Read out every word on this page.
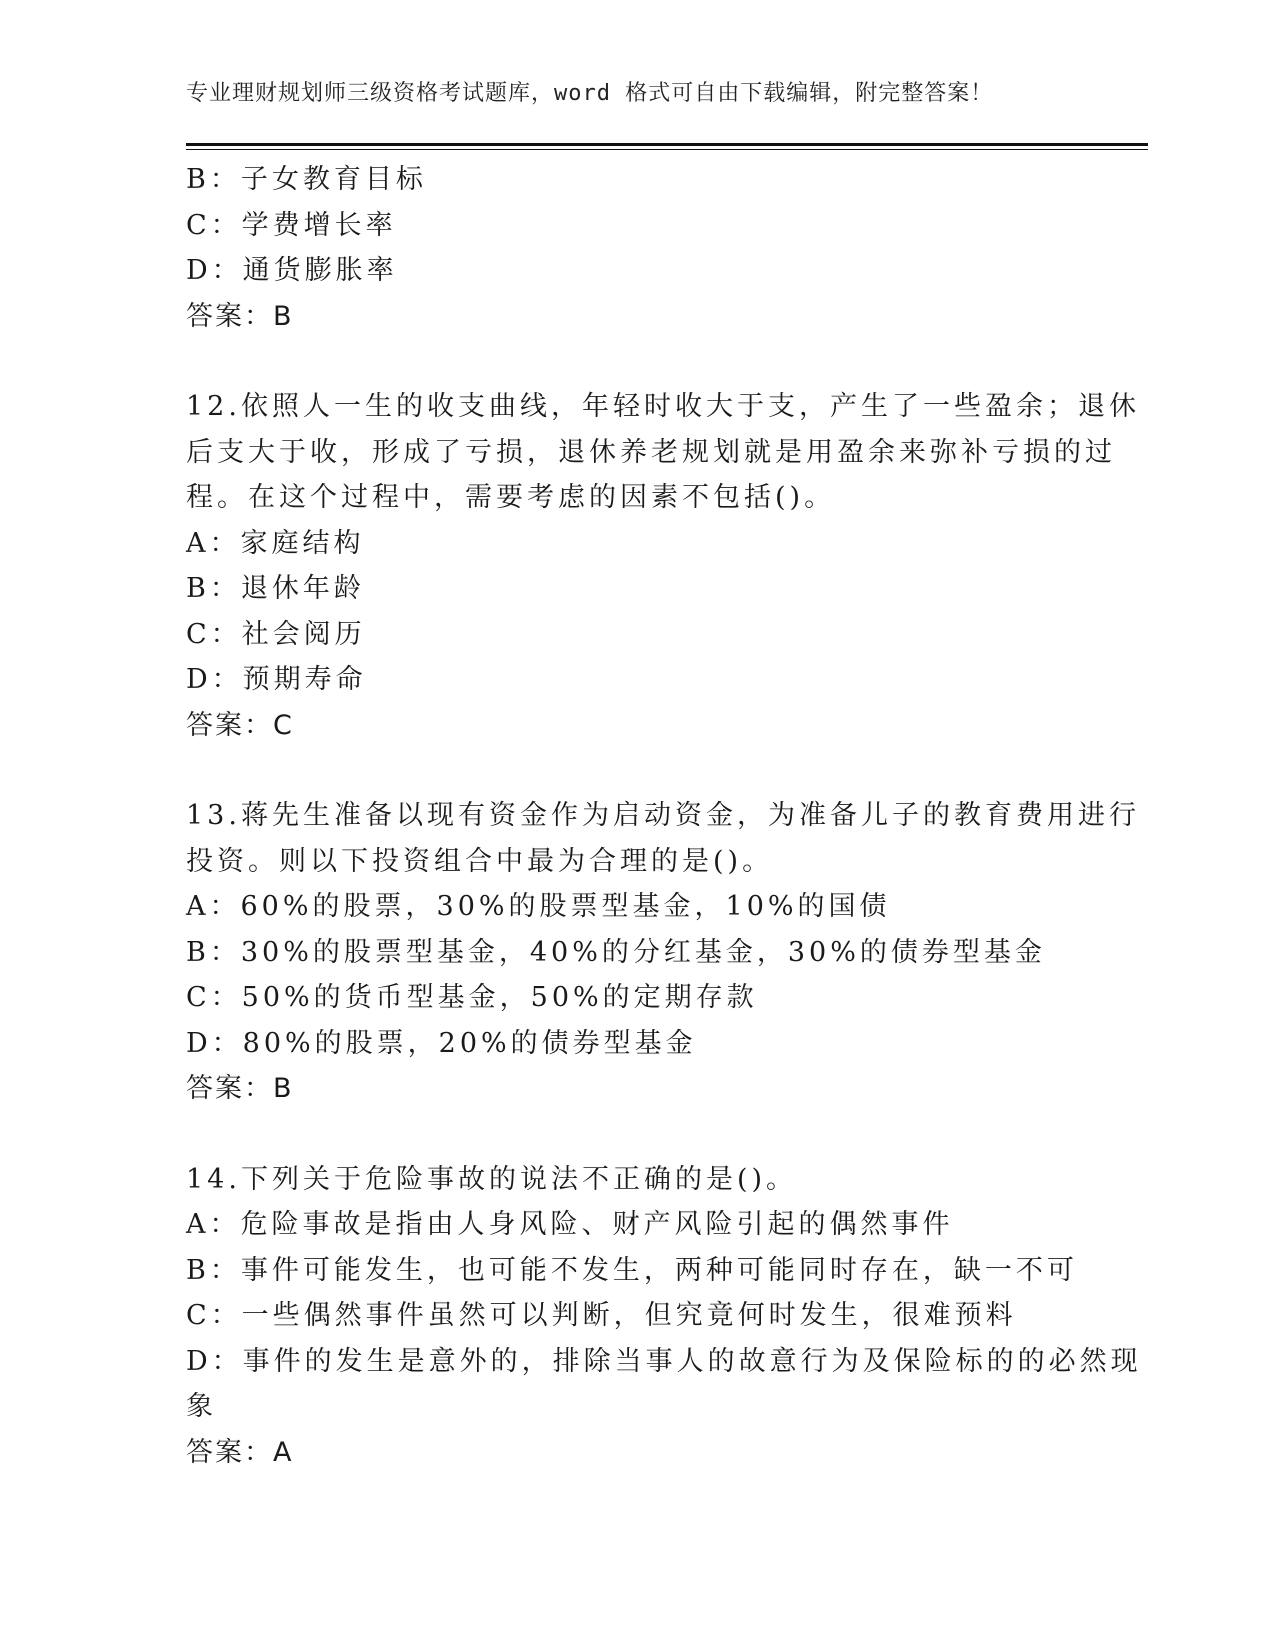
专业理财规划师三级资格考试题库，word 格式可自由下载编辑，附完整答案！
B：子女教育目标
C：学费增长率
D：通货膨胀率
答案：B
12.依照人一生的收支曲线，年轻时收大于支，产生了一些盈余；退休
后支大于收，形成了亏损，退休养老规划就是用盈余来弥补亏损的过
程。在这个过程中，需要考虑的因素不包括()。
A：家庭结构
B：退休年龄
C：社会阅历
D：预期寿命
答案：C
13.蒋先生准备以现有资金作为启动资金，为准备儿子的教育费用进行
投资。则以下投资组合中最为合理的是()。
A：60%的股票，30%的股票型基金，10%的国债
B：30%的股票型基金，40%的分红基金，30%的债券型基金
C：50%的货币型基金，50%的定期存款
D：80%的股票，20%的债券型基金
答案：B
14.下列关于危险事故的说法不正确的是()。
A：危险事故是指由人身风险、财产风险引起的偶然事件
B：事件可能发生，也可能不发生，两种可能同时存在，缺一不可
C：一些偶然事件虽然可以判断，但究竟何时发生，很难预料
D：事件的发生是意外的，排除当事人的故意行为及保险标的的必然现
象
答案：A
